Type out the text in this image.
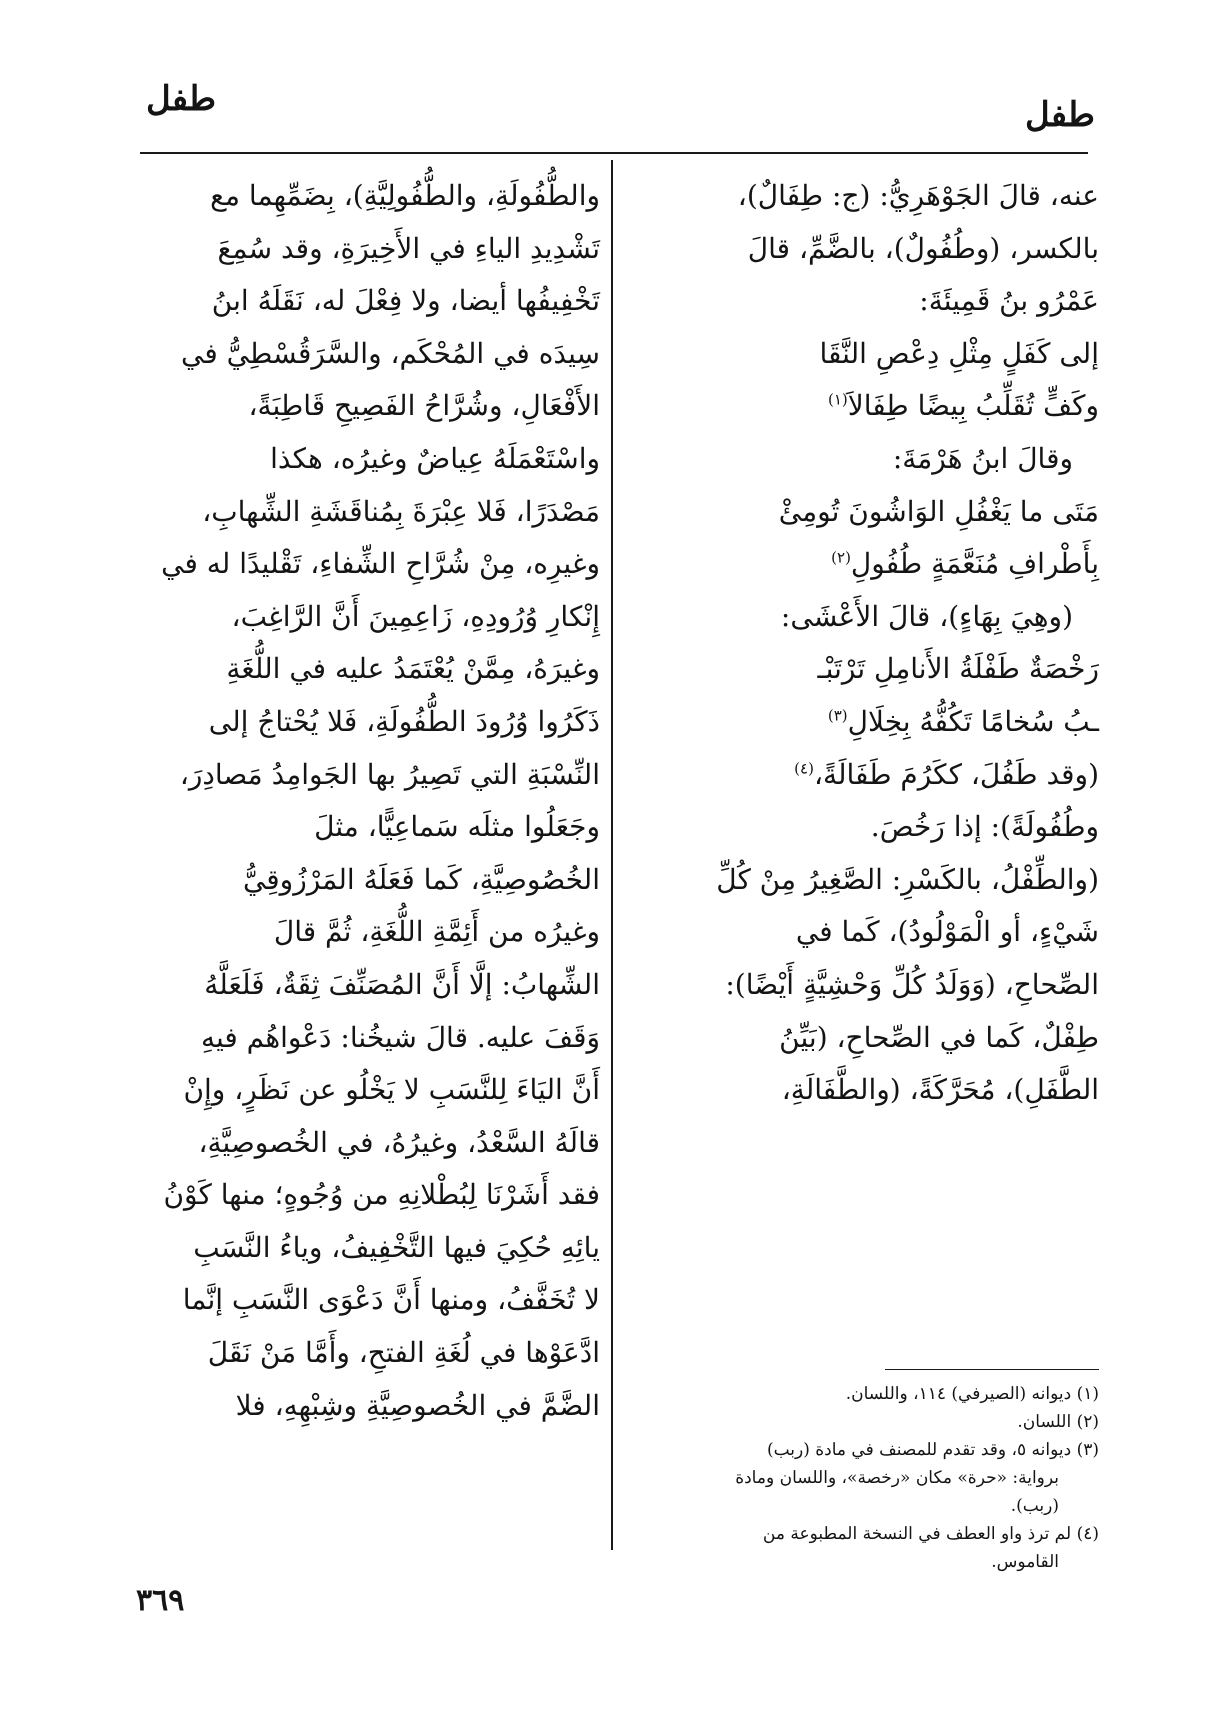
طفل
طفل

عنه، قالَ الجَوْهَرِيُّ: (ج: طِفَالٌ)،
بالكسر، (وطُفُولٌ)، بالضَّمِّ، قالَ
عَمْرُو بنُ قَمِيئَةَ:

إلى كَفَلٍ مِثْلِ دِعْصِ النَّقَا
وكَفٍّ تُقَلِّبُ بِيضًا طِفَالاَ$^{(١)}$

وقالَ ابنُ هَرْمَةَ:

مَتَى ما يَغْفُلِ الوَاشُونَ تُومِئْ
بِأَطْرافِ مُنَعَّمَةٍ طُفُولِ$^{(٢)}$

(وهِيَ بِهَاءٍ)، قالَ الأَعْشَى:

رَخْصَةٌ طَفْلَةُ الأَنامِلِ تَرْتَبْـ
ـبُ سُخامًا تَكُفُّهُ بِخِلَالِ$^{(٣)}$

(وقد طَفُلَ، ككَرُمَ طَفَالَةً،$^{(٤)}$
وطُفُولَةً): إذا رَخُصَ.
(والطِّفْلُ، بالكَسْرِ: الصَّغِيرُ مِنْ كُلِّ
شَيْءٍ، أو الْمَوْلُودُ)، كَما في
الصِّحاحِ، (وَوَلَدُ كُلِّ وَحْشِيَّةٍ أَيْضًا):
طِفْلٌ، كَما في الصِّحاحِ، (بَيِّنُ
الطَّفَلِ)، مُحَرَّكَةً، (والطَّفَالَةِ،

(١) ديوانه (الصيرفي) ١١٤، واللسان.

(٢) اللسان.

(٣) ديوانه ٥، وقد تقدم للمصنف في مادة (ربب)
برواية: «حرة» مكان «رخصة»، واللسان ومادة
(ربب).

(٤) لم ترذ واو العطف في النسخة المطبوعة من
القاموس.

والطُّفُولَةِ، والطُّفُولِيَّةِ)، بِضَمِّهِما مع
تَشْدِيدِ الياءِ في الأَخِيرَةِ، وقد سُمِعَ
تَخْفِيفُها أيضا، ولا فِعْلَ له، نَقَلَهُ ابنُ
سِيدَه في المُحْكَم، والسَّرَقُسْطِيُّ في
الأَفْعَالِ، وشُرَّاحُ الفَصِيحِ قَاطِبَةً،
واسْتَعْمَلَهُ عِياضٌ وغيرُه، هكذا
مَصْدَرًا، فَلا عِبْرَةَ بِمُناقَشَةِ الشِّهابِ،
وغيرِه، مِنْ شُرَّاحِ الشِّفاءِ، تَقْليدًا له في
إِنْكارِ وُرُودِهِ، زَاعِمِينَ أَنَّ الرَّاغِبَ،
وغيرَهُ، مِمَّنْ يُعْتَمَدُ عليه في اللُّغَةِ
ذَكَرُوا وُرُودَ الطُّفُولَةِ، فَلا يُحْتاجُ إلى
النِّسْبَةِ التي تَصِيرُ بها الجَوامِدُ مَصادِرَ،
وجَعَلُوا مثلَه سَماعِيًّا، مثلَ
الخُصُوصِيَّةِ، كَما فَعَلَهُ المَرْزُوقِيُّ
وغيرُه من أَئِمَّةِ اللُّغَةِ، ثُمَّ قالَ
الشِّهابُ: إلَّا أَنَّ المُصَنِّفَ ثِقَةٌ، فَلَعَلَّهُ
وَقَفَ عليه. قالَ شيخُنا: دَعْواهُم فيهِ
أَنَّ اليَاءَ لِلنَّسَبِ لا يَخْلُو عن نَظَرٍ، وإِنْ
قالَهُ السَّعْدُ، وغيرُهُ، في الخُصوصِيَّةِ،
فقد أَشَرْنَا لِبُطْلانِهِ من وُجُوهٍ؛ منها كَوْنُ
يائِهِ حُكِيَ فيها التَّخْفِيفُ، وياءُ النَّسَبِ
لا تُخَفَّفُ، ومنها أَنَّ دَعْوَى النَّسَبِ إنَّما
ادَّعَوْها في لُغَةِ الفتحِ، وأَمَّا مَنْ نَقَلَ
الضَّمَّ في الخُصوصِيَّةِ وشِبْهِهِ، فلا

٣٦٩
